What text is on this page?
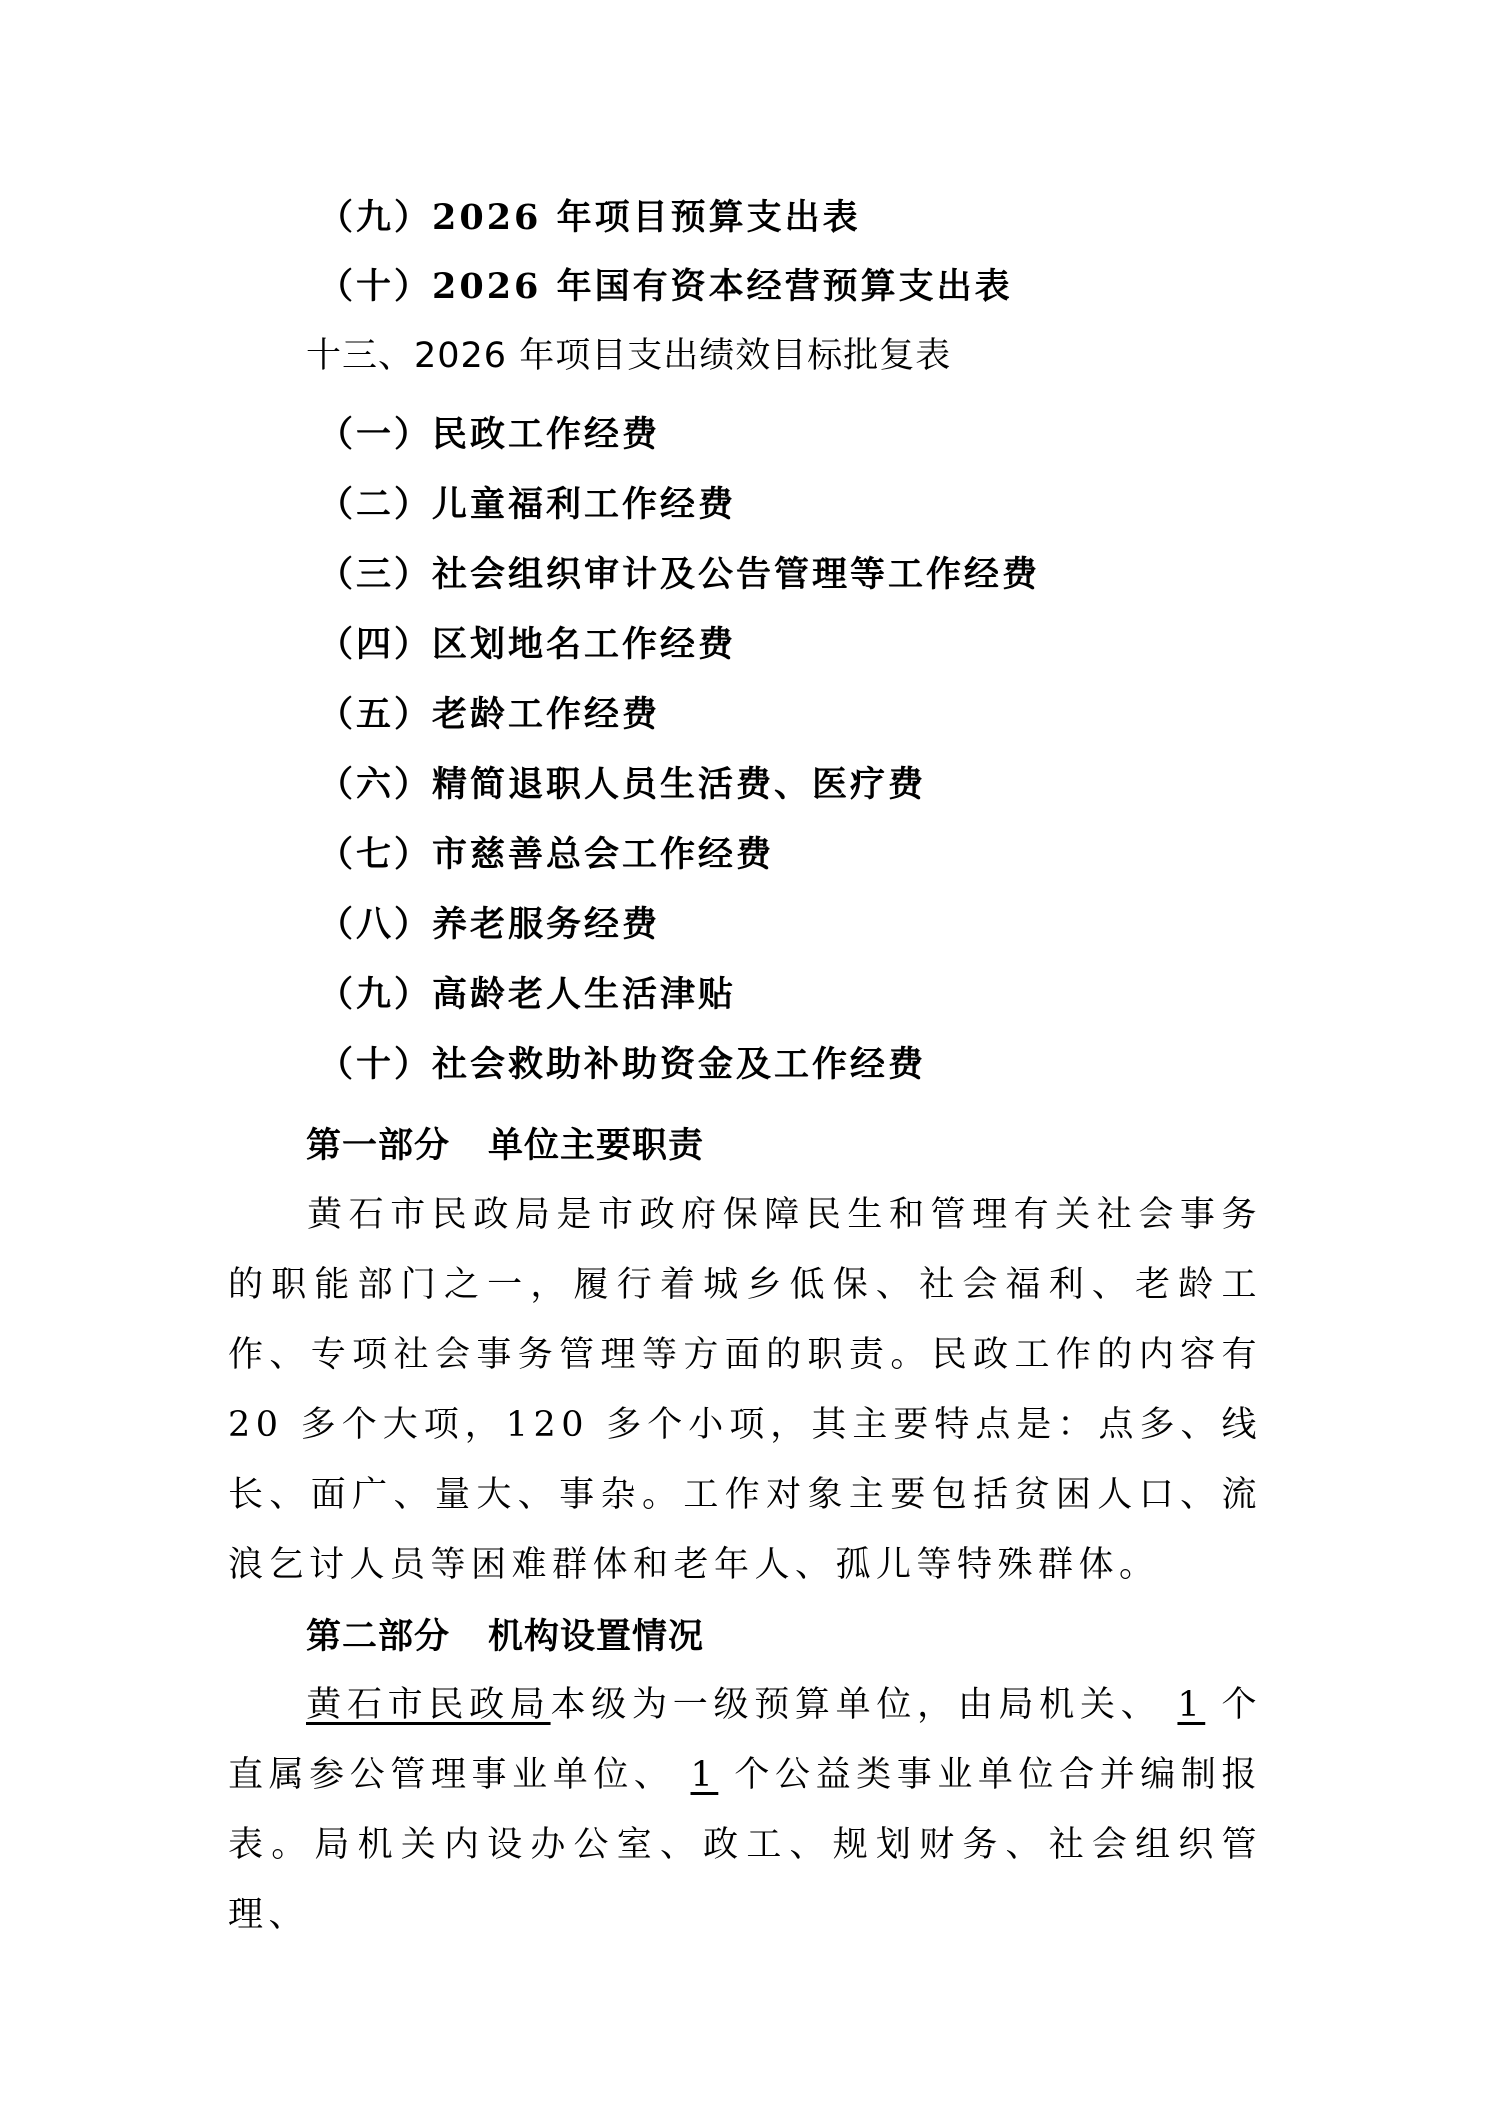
（九）2026 年项目预算支出表
（十）2026 年国有资本经营预算支出表
十三、2026 年项目支出绩效目标批复表
（一）民政工作经费
（二）儿童福利工作经费
（三）社会组织审计及公告管理等工作经费
（四）区划地名工作经费
（五）老龄工作经费
（六）精简退职人员生活费、医疗费
（七）市慈善总会工作经费
（八）养老服务经费
（九）高龄老人生活津贴
（十）社会救助补助资金及工作经费
第一部分 单位主要职责
黄石市民政局是市政府保障民生和管理有关社会事务的职能部门之一，履行着城乡低保、社会福利、老龄工作、专项社会事务管理等方面的职责。民政工作的内容有 20 多个大项，120 多个小项，其主要特点是：点多、线长、面广、量大、事杂。工作对象主要包括贫困人口、流浪乞讨人员等困难群体和老年人、孤儿等特殊群体。
第二部分 机构设置情况
黄石市民政局本级为一级预算单位，由局机关、 1 个直属参公管理事业单位、 1 个公益类事业单位合并编制报表。局机关内设办公室、政工、规划财务、社会组织管理、
